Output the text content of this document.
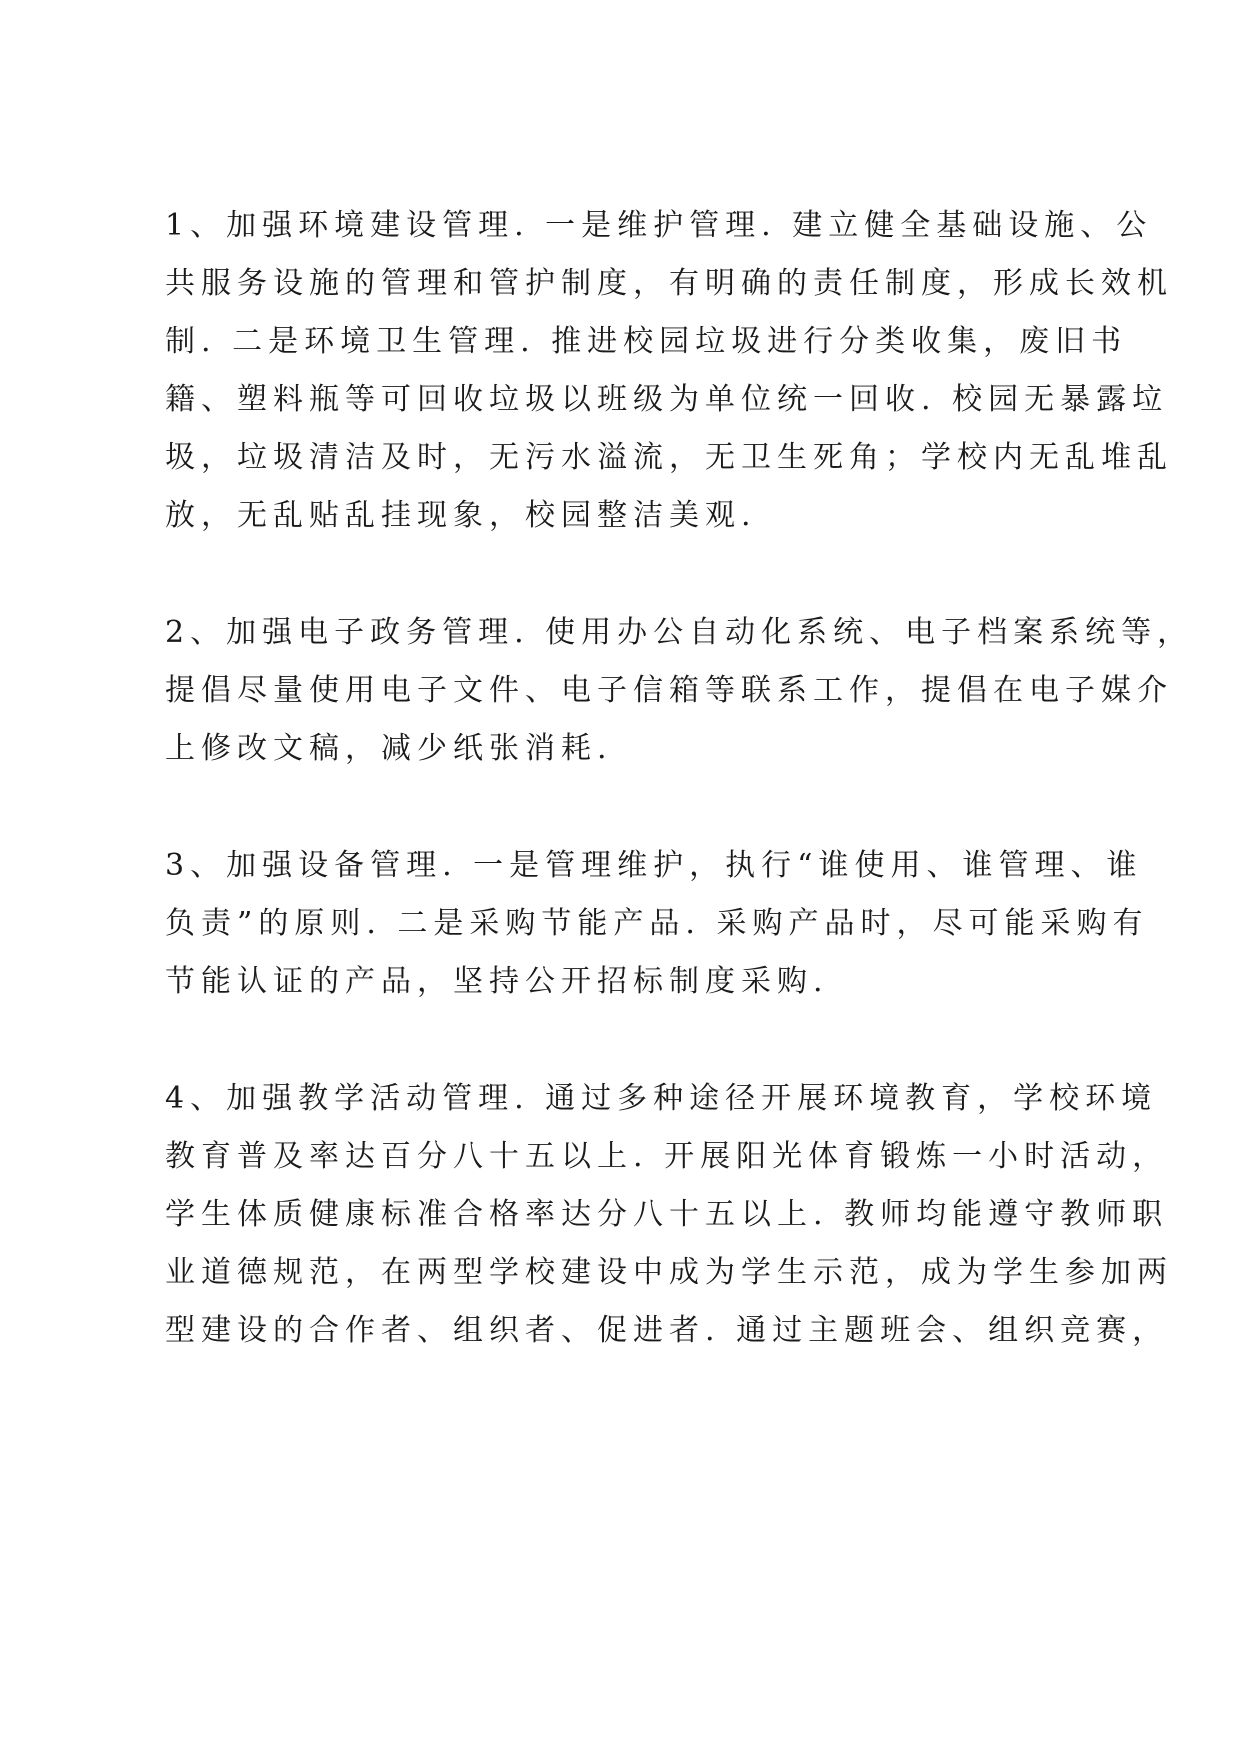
1、加强环境建设管理. 一是维护管理. 建立健全基础设施、公
共服务设施的管理和管护制度，有明确的责任制度，形成长效机
制. 二是环境卫生管理. 推进校园垃圾进行分类收集，废旧书
籍、塑料瓶等可回收垃圾以班级为单位统一回收. 校园无暴露垃
圾，垃圾清洁及时，无污水溢流，无卫生死角；学校内无乱堆乱
放，无乱贴乱挂现象，校园整洁美观.
2、加强电子政务管理. 使用办公自动化系统、电子档案系统等，
提倡尽量使用电子文件、电子信箱等联系工作，提倡在电子媒介
上修改文稿，减少纸张消耗.
3、加强设备管理. 一是管理维护，执行“谁使用、谁管理、谁
负责”的原则. 二是采购节能产品. 采购产品时，尽可能采购有
节能认证的产品，坚持公开招标制度采购.
4、加强教学活动管理. 通过多种途径开展环境教育，学校环境
教育普及率达百分八十五以上. 开展阳光体育锻炼一小时活动，
学生体质健康标准合格率达分八十五以上. 教师均能遵守教师职
业道德规范，在两型学校建设中成为学生示范，成为学生参加两
型建设的合作者、组织者、促进者. 通过主题班会、组织竞赛，
